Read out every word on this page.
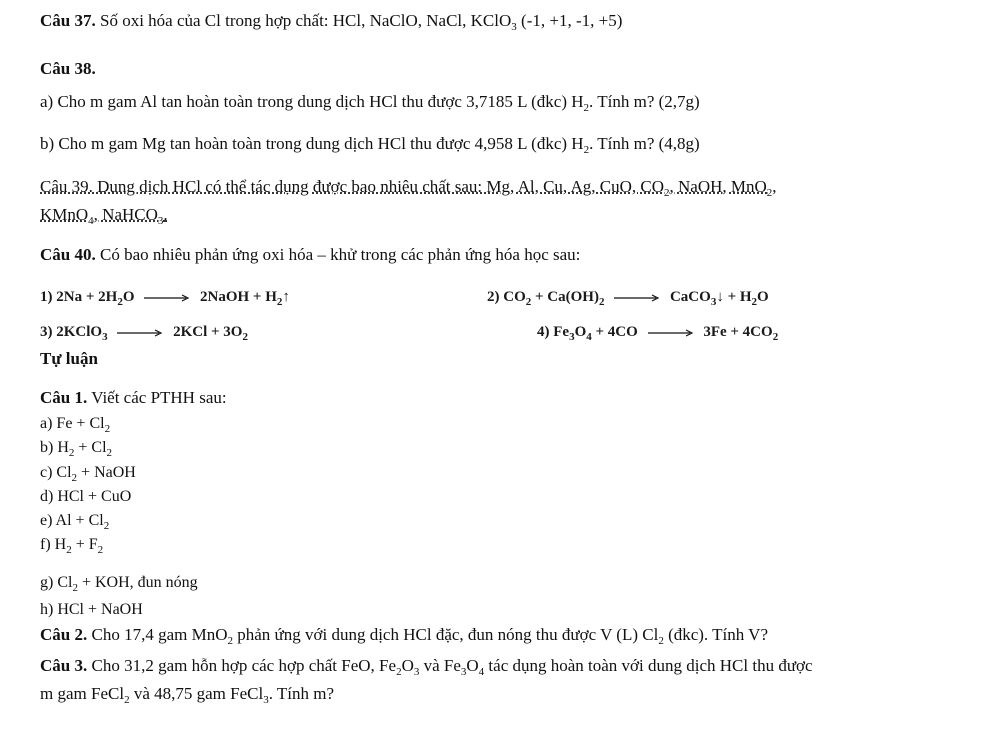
Câu 37. Số oxi hóa của Cl trong hợp chất: HCl, NaClO, NaCl, KClO$_3$ (-1, +1, -1, +5)
Câu 38.
a) Cho m gam Al tan hoàn toàn trong dung dịch HCl thu được 3,7185 L (đkc) $H_2$. Tính m? (2,7g)
b) Cho m gam Mg tan hoàn toàn trong dung dịch HCl thu được 4,958 L (đkc) $H_2$. Tính m? (4,8g)
Câu 39. Dung dịch HCl có thể tác dụng được bao nhiêu chất sau: Mg, Al, Cu, Ag, CuO, $CO_2$, NaOH, MnO$_2$,
KMnO$_4$, NaHCO$_3$.
Câu 40. Có bao nhiêu phản ứng oxi hóa – khử trong các phản ứng hóa học sau:
1) $2Na + 2H_2O$	2NaOH + $H_2↑$	2) $CO_2 + Ca(OH)_2$	CaCO$_3$↓ + $H_2O$
3) 2KClO$_3$	$2KCl + 3O_2$	4) $Fe_3O_4 + 4CO$	$3Fe + 4CO_2$
Tự luận
Câu 1. Viết các PTHH sau:
a) $Fe + Cl_2$
b) $H_2 + Cl_2$
c) $Cl_2$ + NaOH
d) HCl + CuO
e) $Al + Cl_2$
f) $H_2 + F_2$
g) $Cl_2$ + KOH, đun nóng
h) HCl + NaOH
Câu 2. Cho 17,4 gam MnO$_2$ phản ứng với dung dịch HCl đặc, đun nóng thu được V (L) $Cl_2$ (đkc). Tính V?
Câu 3. Cho 31,2 gam hỗn hợp các hợp chất FeO, $Fe_2O_3$ và $Fe_3O_4$ tác dụng hoàn toàn với dung dịch HCl thu được
m gam FeCl$_2$ và 48,75 gam FeCl$_3$. Tính m?
